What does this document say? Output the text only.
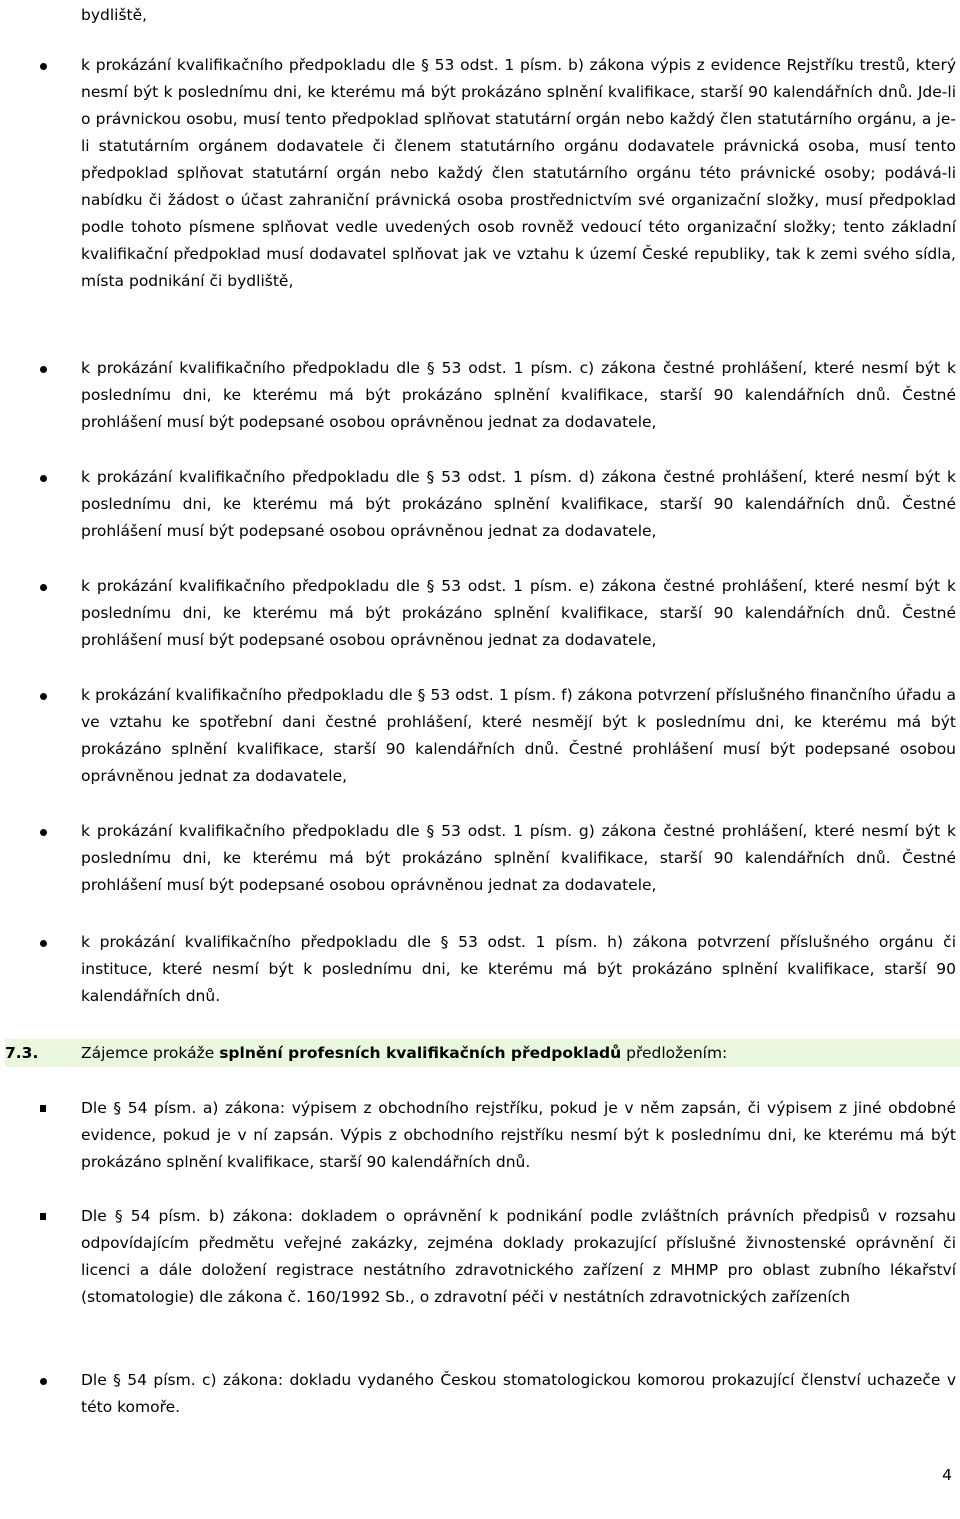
bydliště,

k prokázání kvalifikačního předpokladu dle § 53 odst. 1 písm. b) zákona výpis z evidence Rejstříku trestů, který nesmí být k poslednímu dni, ke kterému má být prokázáno splnění kvalifikace, starší 90 kalendářních dnů. Jde-li o právnickou osobu, musí tento předpoklad splňovat statutární orgán nebo každý člen statutárního orgánu, a je-li statutárním orgánem dodavatele či členem statutárního orgánu dodavatele právnická osoba, musí tento předpoklad splňovat statutární orgán nebo každý člen statutárního orgánu této právnické osoby; podává-li nabídku či žádost o účast zahraniční právnická osoba prostřednictvím své organizační složky, musí předpoklad podle tohoto písmene splňovat vedle uvedených osob rovněž vedoucí této organizační složky; tento základní kvalifikační předpoklad musí dodavatel splňovat jak ve vztahu k území České republiky, tak k zemi svého sídla, místa podnikání či bydliště,

k prokázání kvalifikačního předpokladu dle § 53 odst. 1 písm. c) zákona čestné prohlášení, které nesmí být k poslednímu dni, ke kterému má být prokázáno splnění kvalifikace, starší 90 kalendářních dnů. Čestné prohlášení musí být podepsané osobou oprávněnou jednat za dodavatele,

k prokázání kvalifikačního předpokladu dle § 53 odst. 1 písm. d) zákona čestné prohlášení, které nesmí být k poslednímu dni, ke kterému má být prokázáno splnění kvalifikace, starší 90 kalendářních dnů. Čestné prohlášení musí být podepsané osobou oprávněnou jednat za dodavatele,

k prokázání kvalifikačního předpokladu dle § 53 odst. 1 písm. e) zákona čestné prohlášení, které nesmí být k poslednímu dni, ke kterému má být prokázáno splnění kvalifikace, starší 90 kalendářních dnů. Čestné prohlášení musí být podepsané osobou oprávněnou jednat za dodavatele,

k prokázání kvalifikačního předpokladu dle § 53 odst. 1 písm. f) zákona potvrzení příslušného finančního úřadu a ve vztahu ke spotřební dani čestné prohlášení, které nesmějí být k poslednímu dni, ke kterému má být prokázáno splnění kvalifikace, starší 90 kalendářních dnů. Čestné prohlášení musí být podepsané osobou oprávněnou jednat za dodavatele,

k prokázání kvalifikačního předpokladu dle § 53 odst. 1 písm. g) zákona čestné prohlášení, které nesmí být k poslednímu dni, ke kterému má být prokázáno splnění kvalifikace, starší 90 kalendářních dnů. Čestné prohlášení musí být podepsané osobou oprávněnou jednat za dodavatele,

k prokázání kvalifikačního předpokladu dle § 53 odst. 1 písm. h) zákona potvrzení příslušného orgánu či instituce, které nesmí být k poslednímu dni, ke kterému má být prokázáno splnění kvalifikace, starší 90 kalendářních dnů.

7.3.	Zájemce prokáže splnění profesních kvalifikačních předpokladů předložením:

Dle § 54 písm. a) zákona: výpisem z obchodního rejstříku, pokud je v něm zapsán, či výpisem z jiné obdobné evidence, pokud je v ní zapsán. Výpis z obchodního rejstříku nesmí být k poslednímu dni, ke kterému má být prokázáno splnění kvalifikace, starší 90 kalendářních dnů.

Dle § 54 písm. b) zákona: dokladem o oprávnění k podnikání podle zvláštních právních předpisů v rozsahu odpovídajícím předmětu veřejné zakázky, zejména doklady prokazující příslušné živnostenské oprávnění či licenci a dále doložení registrace nestátního zdravotnického zařízení z MHMP pro oblast zubního lékařství (stomatologie) dle zákona č. 160/1992 Sb., o zdravotní péči v nestátních zdravotnických zařízeních

Dle § 54 písm. c) zákona: dokladu vydaného Českou stomatologickou komorou prokazující členství uchazeče v této komoře.

4
